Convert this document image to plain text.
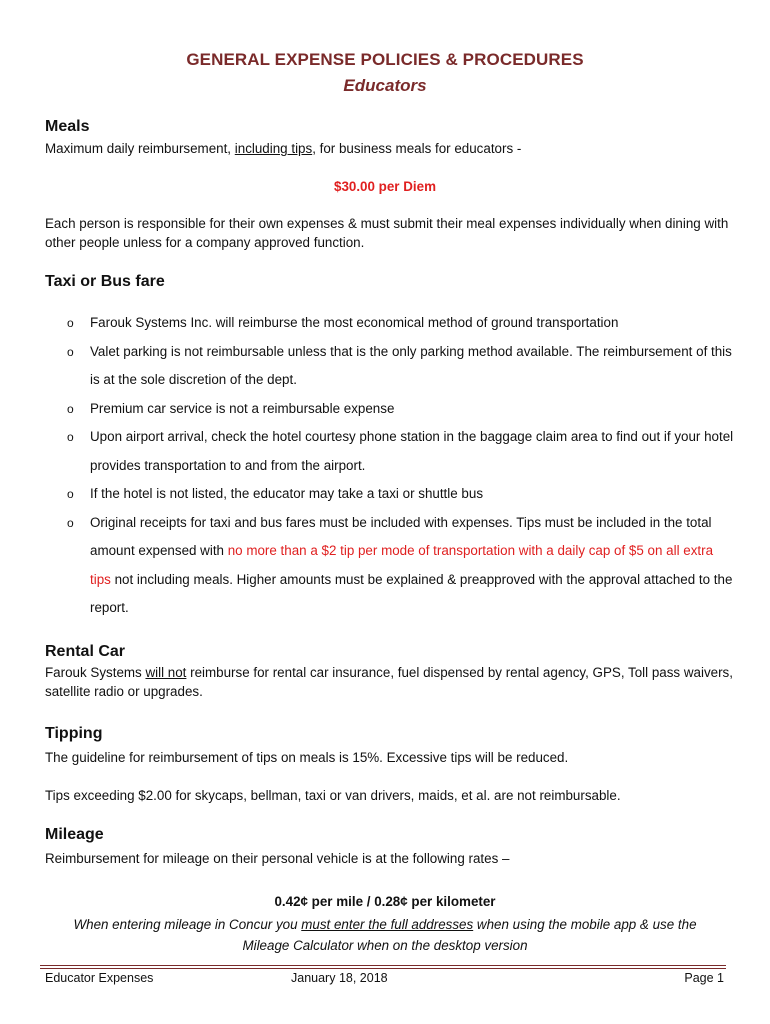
GENERAL EXPENSE POLICIES & PROCEDURES
Educators
Meals
Maximum daily reimbursement, including tips, for business meals for educators -
$30.00 per Diem
Each person is responsible for their own expenses & must submit their meal expenses individually when dining with other people unless for a company approved function.
Taxi or Bus fare
o Farouk Systems Inc. will reimburse the most economical method of ground transportation
o Valet parking is not reimbursable unless that is the only parking method available. The reimbursement of this is at the sole discretion of the dept.
o Premium car service is not a reimbursable expense
o Upon airport arrival, check the hotel courtesy phone station in the baggage claim area to find out if your hotel provides transportation to and from the airport.
o If the hotel is not listed, the educator may take a taxi or shuttle bus
o Original receipts for taxi and bus fares must be included with expenses. Tips must be included in the total amount expensed with no more than a $2 tip per mode of transportation with a daily cap of $5 on all extra tips not including meals. Higher amounts must be explained & preapproved with the approval attached to the report.
Rental Car
Farouk Systems will not reimburse for rental car insurance, fuel dispensed by rental agency, GPS, Toll pass waivers, satellite radio or upgrades.
Tipping
The guideline for reimbursement of tips on meals is 15%. Excessive tips will be reduced.
Tips exceeding $2.00 for skycaps, bellman, taxi or van drivers, maids, et al. are not reimbursable.
Mileage
Reimbursement for mileage on their personal vehicle is at the following rates –
0.42¢ per mile / 0.28¢ per kilometer
When entering mileage in Concur you must enter the full addresses when using the mobile app & use the Mileage Calculator when on the desktop version
Educator Expenses	January 18, 2018	Page 1
